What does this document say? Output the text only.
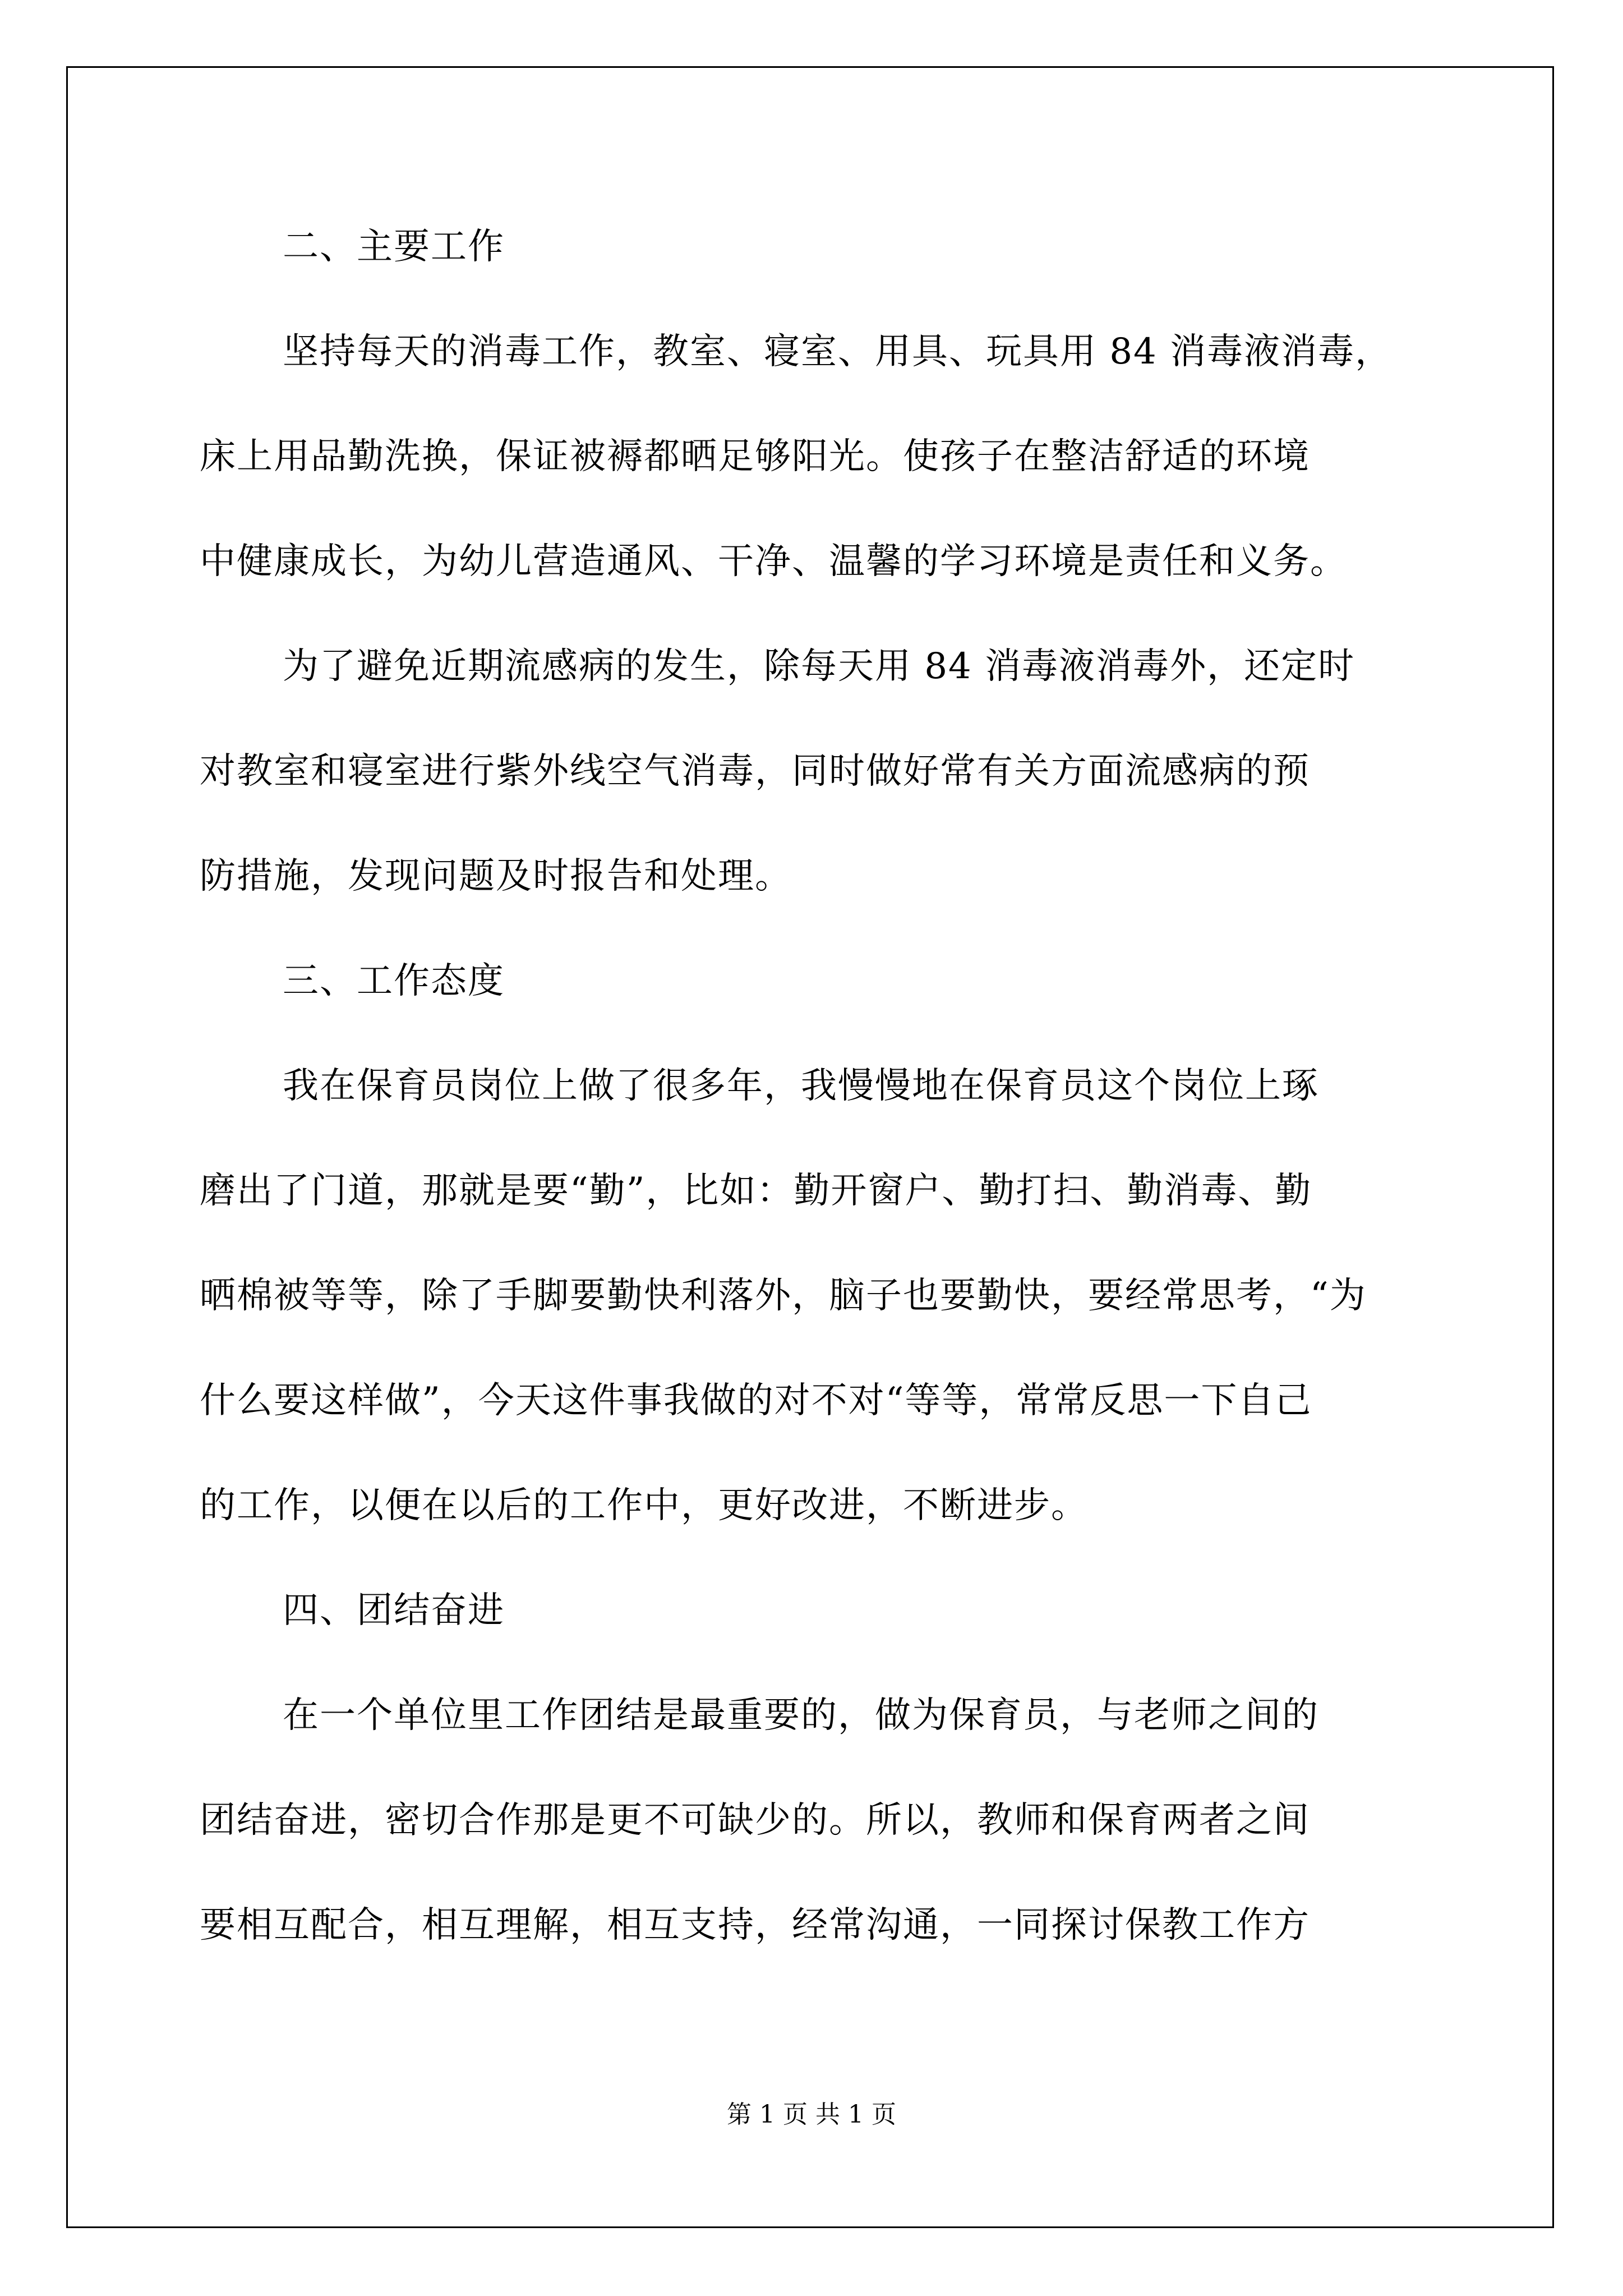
二、主要工作
坚持每天的消毒工作，教室、寝室、用具、玩具用 84 消毒液消毒，
床上用品勤洗换，保证被褥都晒足够阳光。使孩子在整洁舒适的环境
中健康成长，为幼儿营造通风、干净、温馨的学习环境是责任和义务。
为了避免近期流感病的发生，除每天用 84 消毒液消毒外，还定时
对教室和寝室进行紫外线空气消毒，同时做好常有关方面流感病的预
防措施，发现问题及时报告和处理。
三、工作态度
我在保育员岗位上做了很多年，我慢慢地在保育员这个岗位上琢
磨出了门道，那就是要“勤”，比如：勤开窗户、勤打扫、勤消毒、勤
晒棉被等等，除了手脚要勤快利落外，脑子也要勤快，要经常思考，“为
什么要这样做”，今天这件事我做的对不对“等等，常常反思一下自己
的工作，以便在以后的工作中，更好改进，不断进步。
四、团结奋进
在一个单位里工作团结是最重要的，做为保育员，与老师之间的
团结奋进，密切合作那是更不可缺少的。所以，教师和保育两者之间
要相互配合，相互理解，相互支持，经常沟通，一同探讨保教工作方
第 1 页 共 1 页
